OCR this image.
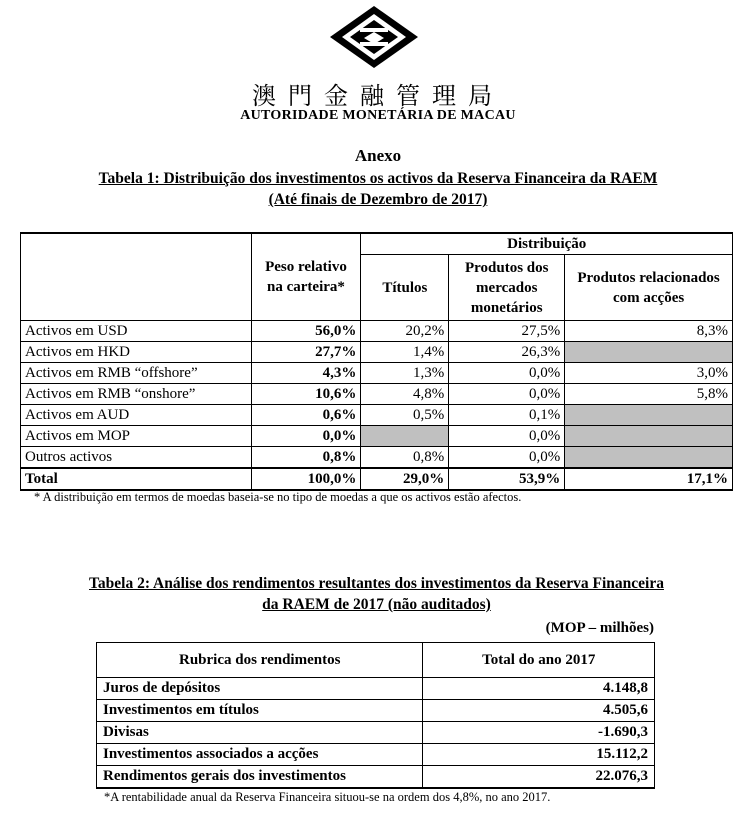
澳門金融管理局
AUTORIDADE MONETÁRIA DE MACAU
Anexo
Tabela 1: Distribuição dos investimentos os activos da Reserva Financeira da RAEM
(Até finais de Dezembro de 2017)
	Peso relativo na carteira*	Distribuição		
		Títulos	Produtos dos mercados monetários	Produtos relacionados com acções
Activos em USD	56,0%	20,2%	27,5%	8,3%
Activos em HKD	27,7%	1,4%	26,3%	
Activos em RMB “offshore”	4,3%	1,3%	0,0%	3,0%
Activos em RMB “onshore”	10,6%	4,8%	0,0%	5,8%
Activos em AUD	0,6%	0,5%	0,1%	
Activos em MOP	0,0%		0,0%	
Outros activos	0,8%	0,8%	0,0%	
Total	100,0%	29,0%	53,9%	17,1%
* A distribuição em termos de moedas baseia-se no tipo de moedas a que os activos estão afectos.
Tabela 2: Análise dos rendimentos resultantes dos investimentos da Reserva Financeira
da RAEM de 2017 (não auditados)
(MOP – milhões)
Rubrica dos rendimentos	Total do ano 2017
Juros de depósitos	4.148,8
Investimentos em títulos	4.505,6
Divisas	-1.690,3
Investimentos associados a acções	15.112,2
Rendimentos gerais dos investimentos	22.076,3
*A rentabilidade anual da Reserva Financeira situou-se na ordem dos 4,8%, no ano 2017.
